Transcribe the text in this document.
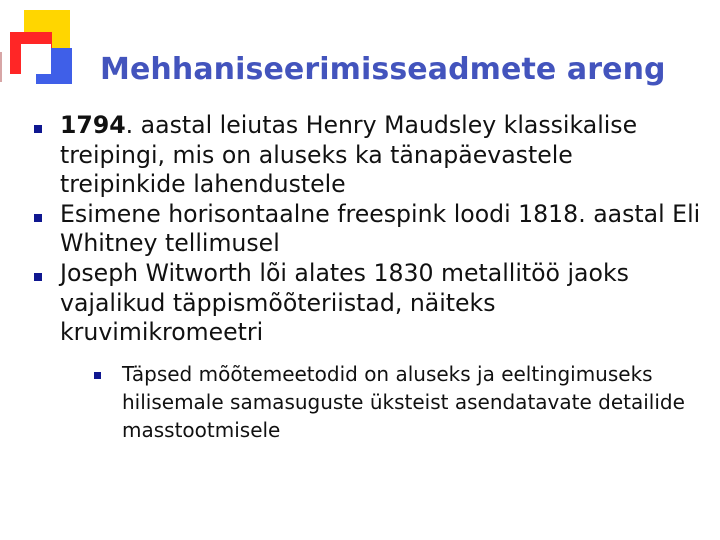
Mehhaniseerimisseadmete areng
1794. aastal leiutas Henry Maudsley klassikalise treipingi, mis on aluseks ka tänapäevastele treipinkide lahendustele
Esimene horisontaalne freespink loodi 1818. aastal Eli Whitney tellimusel
Joseph Witworth lõi alates 1830 metallitöö jaoks vajalikud täppismõõteriistad, näiteks kruvimikromeetri
Täpsed mõõtemeetodid on aluseks ja eeltingimuseks hilisemale samasuguste üksteist asendatavate detailide masstootmisele
